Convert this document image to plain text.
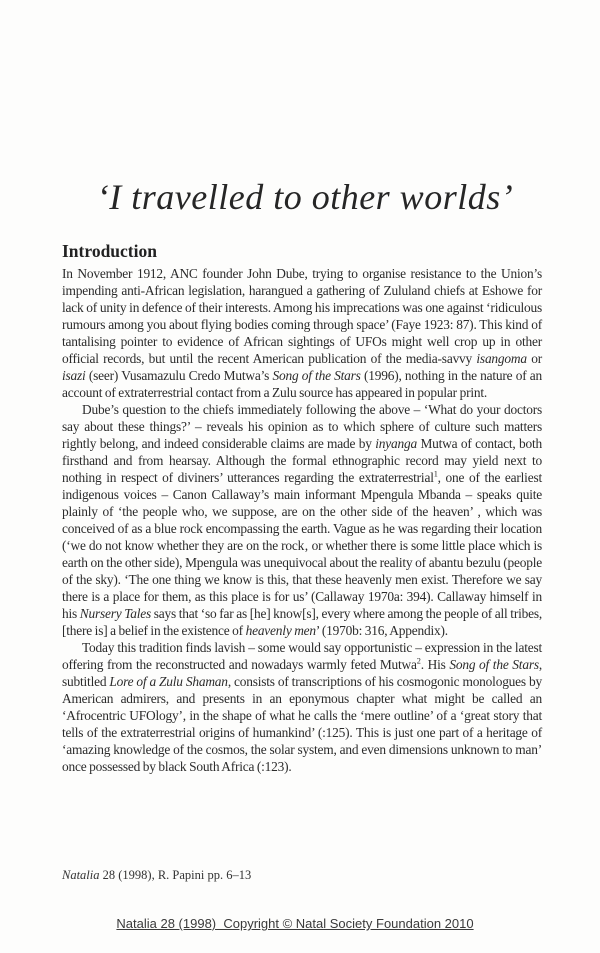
‘I travelled to other worlds’
Introduction

In November 1912, ANC founder John Dube, trying to organise resistance to the Union’s impending anti-African legislation, harangued a gathering of Zululand chiefs at Eshowe for lack of unity in defence of their interests. Among his imprecations was one against ‘ridiculous rumours among you about flying bodies coming through space’ (Faye 1923: 87). This kind of tantalising pointer to evidence of African sightings of UFOs might well crop up in other official records, but until the recent American publication of the media-savvy isangoma or isazi (seer) Vusamazulu Credo Mutwa’s Song of the Stars (1996), nothing in the nature of an account of extraterrestrial contact from a Zulu source has appeared in popular print.

Dube’s question to the chiefs immediately following the above – ‘What do your doctors say about these things?’ – reveals his opinion as to which sphere of culture such matters rightly belong, and indeed considerable claims are made by inyanga Mutwa of contact, both firsthand and from hearsay. Although the formal ethnographic record may yield next to nothing in respect of diviners’ utterances regarding the extraterrestrial$^1$, one of the earliest indigenous voices – Canon Callaway’s main informant Mpengula Mbanda – speaks quite plainly of ‘the people who, we suppose, are on the other side of the heaven’ , which was conceived of as a blue rock encompassing the earth. Vague as he was regarding their location (‘we do not know whether they are on the rock‚ or whether there is some little place which is earth on the other side), Mpengula was unequivocal about the reality of abantu bezulu (people of the sky). ‘The one thing we know is this, that these heavenly men exist. Therefore we say there is a place for them, as this place is for us’ (Callaway 1970a: 394). Callaway himself in his Nursery Tales says that ‘so far as [he] know[s], every where among the people of all tribes, [there is] a belief in the existence of heavenly men’ (1970b: 316, Appendix).

Today this tradition finds lavish – some would say opportunistic – expression in the latest offering from the reconstructed and nowadays warmly feted Mutwa$^2$. His Song of the Stars, subtitled Lore of a Zulu Shaman, consists of transcriptions of his cosmogonic monologues by American admirers, and presents in an eponymous chapter what might be called an ‘Afrocentric UFOlogy’, in the shape of what he calls the ‘mere outline’ of a ‘great story that tells of the extraterrestrial origins of humankind’ (:125). This is just one part of a heritage of ‘amazing knowledge of the cosmos, the solar system, and even dimensions unknown to man’ once possessed by black South Africa (:123).

Natalia 28 (1998), R. Papini pp. 6–13

Natalia 28 (1998)  Copyright © Natal Society Foundation 2010
